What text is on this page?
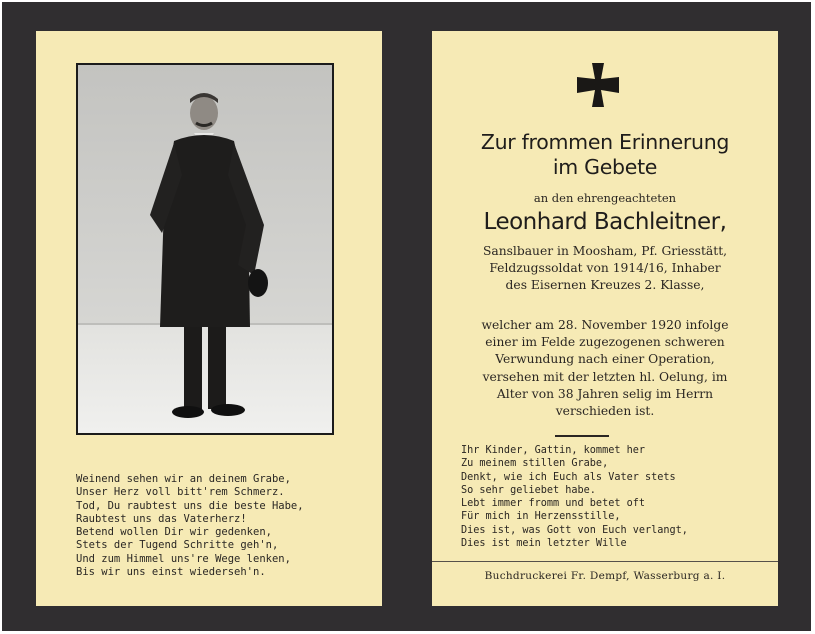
Weinend sehen wir an deinem Grabe,
Unser Herz voll bitt'rem Schmerz.
Tod, Du raubtest uns die beste Habe,
Raubtest uns das Vaterherz!
Betend wollen Dir wir gedenken,
Stets der Tugend Schritte geh'n,
Und zum Himmel uns're Wege lenken,
Bis wir uns einst wiederseh'n.
Zur frommen Erinnerung
im Gebete
an den ehrengeachteten
Leonhard Bachleitner,
Sanslbauer in Moosham, Pf. Griesstätt,
Feldzugssoldat von 1914/16, Inhaber
des Eisernen Kreuzes 2. Klasse,
welcher am 28. November 1920 infolge
einer im Felde zugezogenen schweren
Verwundung nach einer Operation,
versehen mit der letzten hl. Oelung, im
Alter von 38 Jahren selig im Herrn
verschieden ist.
Ihr Kinder, Gattin, kommet her
Zu meinem stillen Grabe,
Denkt, wie ich Euch als Vater stets
So sehr geliebet habe.
Lebt immer fromm und betet oft
Für mich in Herzensstille,
Dies ist, was Gott von Euch verlangt,
Dies ist mein letzter Wille
Buchdruckerei Fr. Dempf, Wasserburg a. I.
